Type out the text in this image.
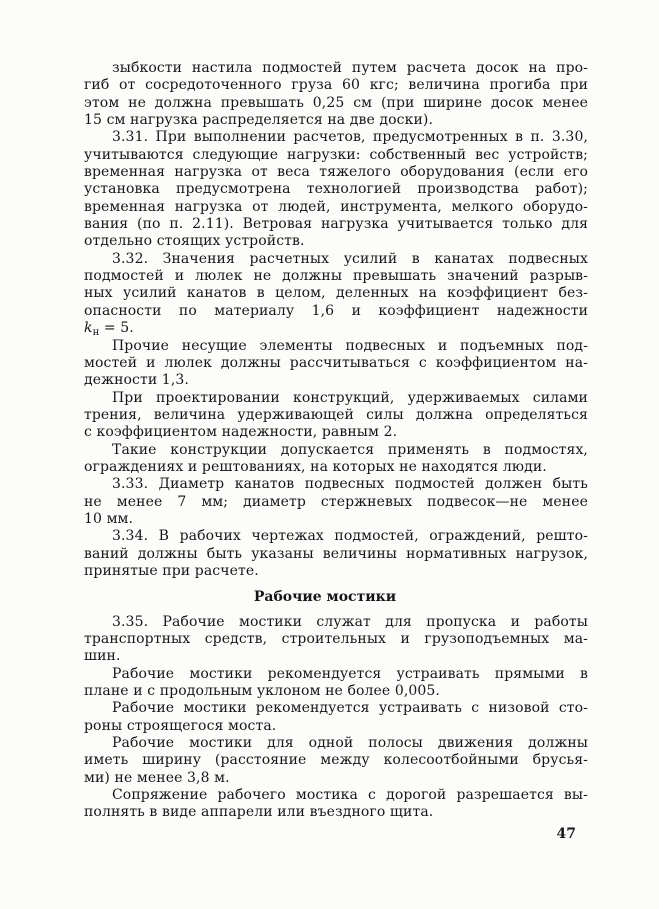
зыбкости настила подмостей путем расчета досок на про-
гиб от сосредоточенного груза 60 кгс; величина прогиба при
этом не должна превышать 0,25 см (при ширине досок менее
15 см нагрузка распределяется на две доски).
3.31. При выполнении расчетов, предусмотренных в п. 3.30,
учитываются следующие нагрузки: собственный вес устройств;
временная нагрузка от веса тяжелого оборудования (если его
установка предусмотрена технологией производства работ);
временная нагрузка от людей, инструмента, мелкого оборудо-
вания (по п. 2.11). Ветровая нагрузка учитывается только для
отдельно стоящих устройств.
3.32. Значения расчетных усилий в канатах подвесных
подмостей и люлек не должны превышать значений разрыв-
ных усилий канатов в целом, деленных на коэффициент без-
опасности по материалу 1,6 и коэффициент надежности
$k_н = 5$.
Прочие несущие элементы подвесных и подъемных под-
мостей и люлек должны рассчитываться с коэффициентом на-
дежности 1,3.
При проектировании конструкций, удерживаемых силами
трения, величина удерживающей силы должна определяться
с коэффициентом надежности, равным 2.
Такие конструкции допускается применять в подмостях,
ограждениях и рештованиях, на которых не находятся люди.
3.33. Диаметр канатов подвесных подмостей должен быть
не менее 7 мм; диаметр стержневых подвесок—не менее
10 мм.
3.34. В рабочих чертежах подмостей, ограждений, решто-
ваний должны быть указаны величины нормативных нагрузок,
принятые при расчете.
Рабочие мостики
3.35. Рабочие мостики служат для пропуска и работы
транспортных средств, строительных и грузоподъемных ма-
шин.
Рабочие мостики рекомендуется устраивать прямыми в
плане и с продольным уклоном не более 0,005.
Рабочие мостики рекомендуется устраивать с низовой сто-
роны строящегося моста.
Рабочие мостики для одной полосы движения должны
иметь ширину (расстояние между колесоотбойными брусья-
ми) не менее 3,8 м.
Сопряжение рабочего мостика с дорогой разрешается вы-
полнять в виде аппарели или въездного щита.
47
